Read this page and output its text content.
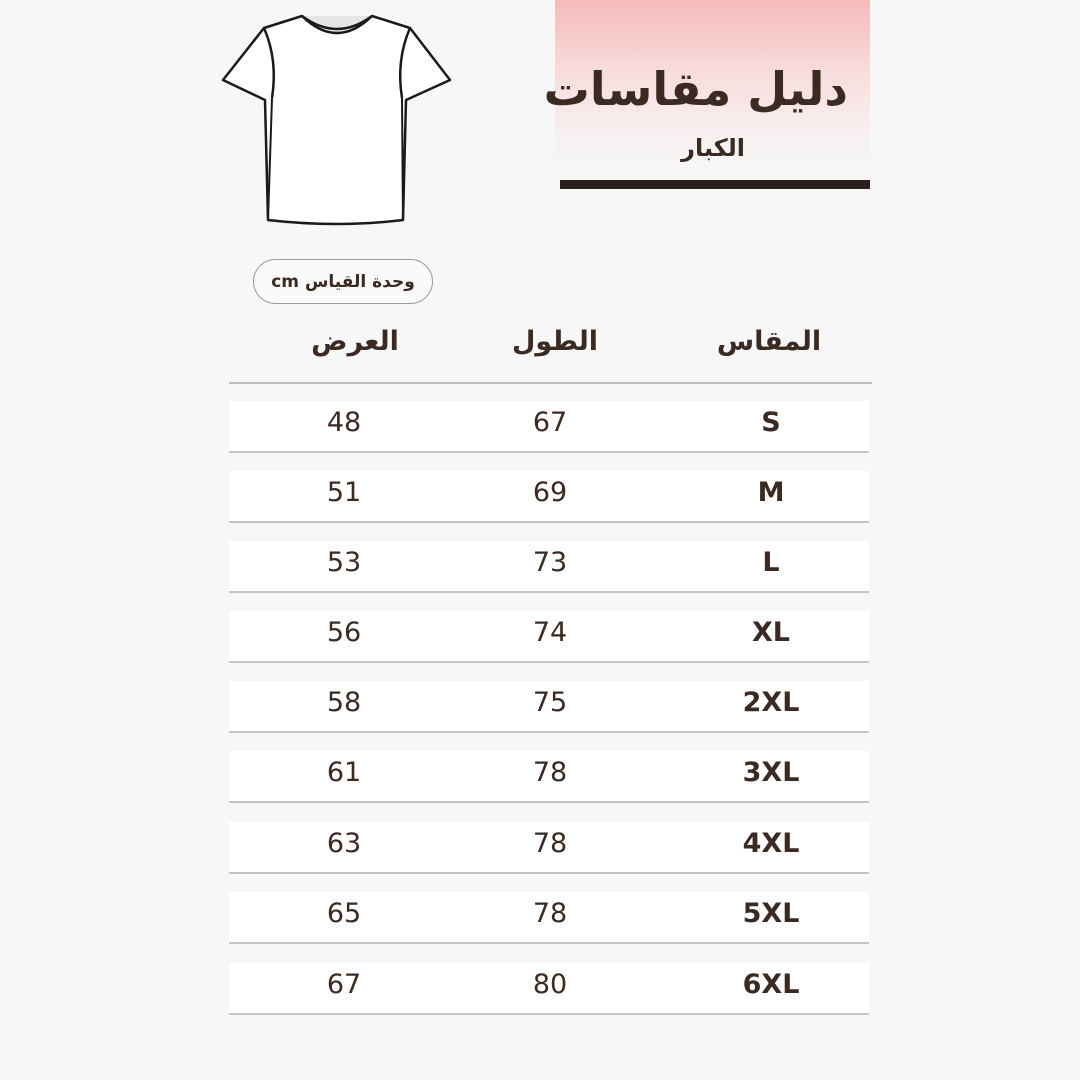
دليل مقاسات
الكبار
وحدة القياس cm
المقاس
الطول
العرض
S
67
48
M
69
51
L
73
53
XL
74
56
2XL
75
58
3XL
78
61
4XL
78
63
5XL
78
65
6XL
80
67
